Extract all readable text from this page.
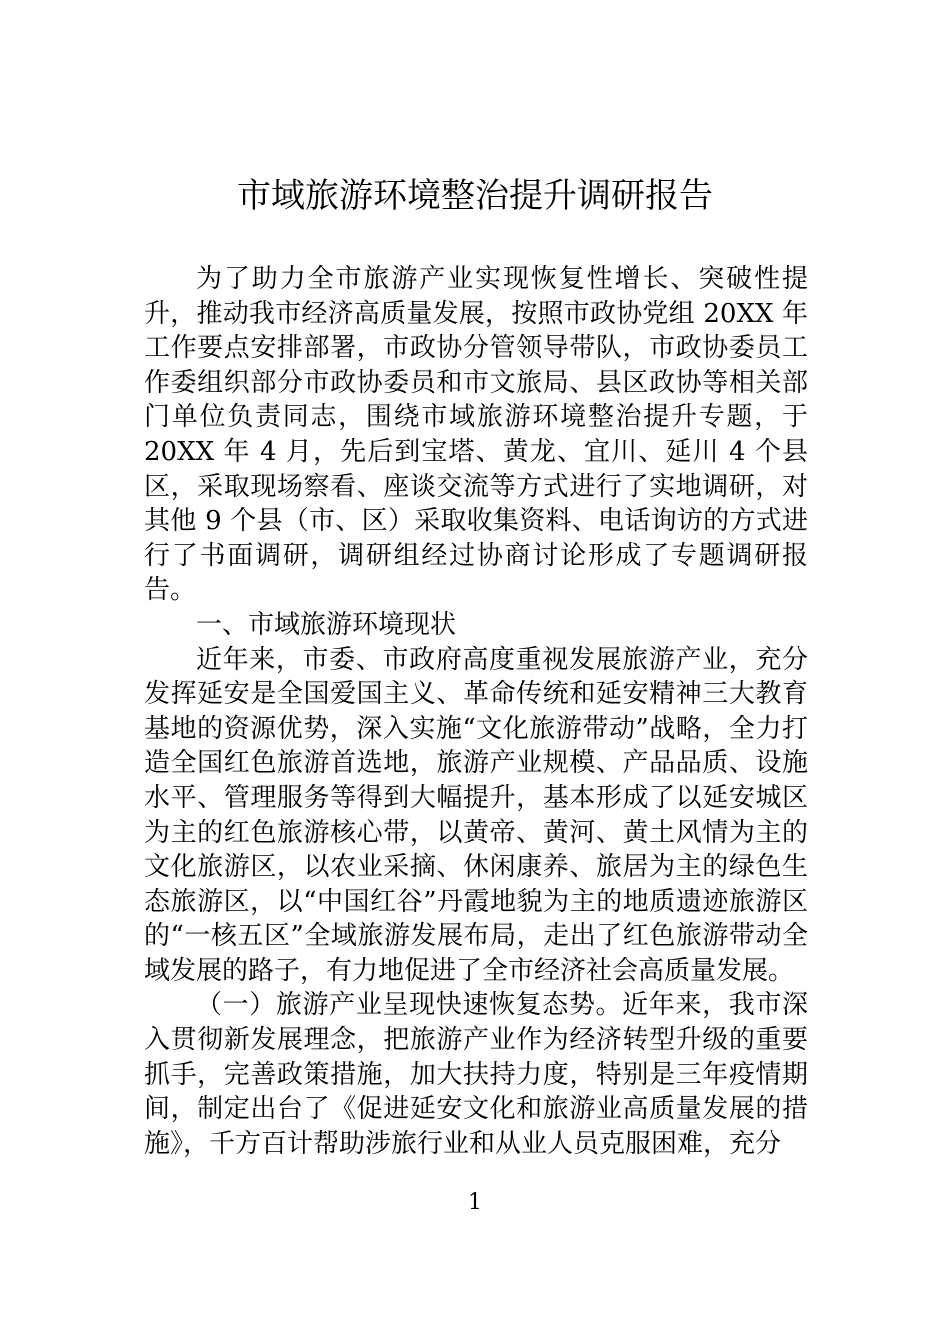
市域旅游环境整治提升调研报告

为了助力全市旅游产业实现恢复性增长、突破性提升，推动我市经济高质量发展，按照市政协党组 20XX 年工作要点安排部署，市政协分管领导带队，市政协委员工作委组织部分市政协委员和市文旅局、县区政协等相关部门单位负责同志，围绕市域旅游环境整治提升专题，于 20XX 年 4 月，先后到宝塔、黄龙、宜川、延川 4 个县区，采取现场察看、座谈交流等方式进行了实地调研，对其他 9 个县（市、区）采取收集资料、电话询访的方式进行了书面调研，调研组经过协商讨论形成了专题调研报告。

一、市域旅游环境现状

近年来，市委、市政府高度重视发展旅游产业，充分发挥延安是全国爱国主义、革命传统和延安精神三大教育基地的资源优势，深入实施“文化旅游带动”战略，全力打造全国红色旅游首选地，旅游产业规模、产品品质、设施水平、管理服务等得到大幅提升，基本形成了以延安城区为主的红色旅游核心带，以黄帝、黄河、黄土风情为主的文化旅游区，以农业采摘、休闲康养、旅居为主的绿色生态旅游区，以“中国红谷”丹霞地貌为主的地质遗迹旅游区的“一核五区”全域旅游发展布局，走出了红色旅游带动全域发展的路子，有力地促进了全市经济社会高质量发展。

（一）旅游产业呈现快速恢复态势。近年来，我市深入贯彻新发展理念，把旅游产业作为经济转型升级的重要抓手，完善政策措施，加大扶持力度，特别是三年疫情期间，制定出台了《促进延安文化和旅游业高质量发展的措施》，千方百计帮助涉旅行业和从业人员克服困难，充分

1
